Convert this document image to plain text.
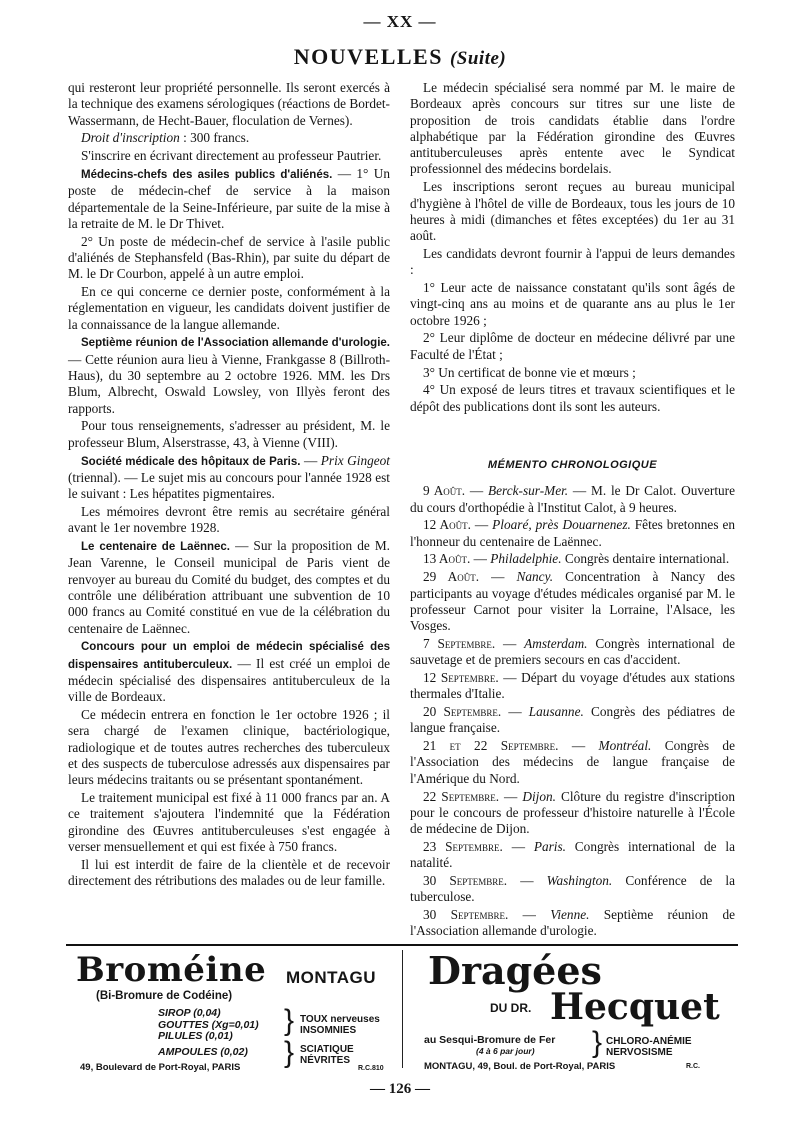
— XX —
NOUVELLES (Suite)

qui resteront leur propriété personnelle. Ils seront exercés à la technique des examens sérologiques (réactions de Bordet-Wassermann, de Hecht-Bauer, floculation de Vernes).

Droit d'inscription : 300 francs.

S'inscrire en écrivant directement au professeur Pautrier.

Médecins-chefs des asiles publics d'aliénés. — 1° Un poste de médecin-chef de service à la maison départementale de la Seine-Inférieure, par suite de la mise à la retraite de M. le Dr Thivet.

2° Un poste de médecin-chef de service à l'asile public d'aliénés de Stephansfeld (Bas-Rhin), par suite du départ de M. le Dr Courbon, appelé à un autre emploi.

En ce qui concerne ce dernier poste, conformément à la réglementation en vigueur, les candidats doivent justifier de la connaissance de la langue allemande.

Septième réunion de l'Association allemande d'urologie. — Cette réunion aura lieu à Vienne, Frankgasse 8 (Billroth-Haus), du 30 septembre au 2 octobre 1926. MM. les Drs Blum, Albrecht, Oswald Lowsley, von Illyès feront des rapports.

Pour tous renseignements, s'adresser au président, M. le professeur Blum, Alserstrasse, 43, à Vienne (VIII).

Société médicale des hôpitaux de Paris. — Prix Gingeot (triennal). — Le sujet mis au concours pour l'année 1928 est le suivant : Les hépatites pigmentaires.

Les mémoires devront être remis au secrétaire général avant le 1er novembre 1928.

Le centenaire de Laënnec. — Sur la proposition de M. Jean Varenne, le Conseil municipal de Paris vient de renvoyer au bureau du Comité du budget, des comptes et du contrôle une délibération attribuant une subvention de 10 000 francs au Comité constitué en vue de la célébration du centenaire de Laënnec.

Concours pour un emploi de médecin spécialisé des dispensaires antituberculeux. — Il est créé un emploi de médecin spécialisé des dispensaires antituberculeux de la ville de Bordeaux.

Ce médecin entrera en fonction le 1er octobre 1926 ; il sera chargé de l'examen clinique, bactériologique, radiologique et de toutes autres recherches des tuberculeux et des suspects de tuberculose adressés aux dispensaires par leurs médecins traitants ou se présentant spontanément.

Le traitement municipal est fixé à 11 000 francs par an. A ce traitement s'ajoutera l'indemnité que la Fédération girondine des Œuvres antituberculeuses s'est engagée à verser mensuellement et qui est fixée à 750 francs.

Il lui est interdit de faire de la clientèle et de recevoir directement des rétributions des malades ou de leur famille.

Le médecin spécialisé sera nommé par M. le maire de Bordeaux après concours sur titres sur une liste de proposition de trois candidats établie dans l'ordre alphabétique par la Fédération girondine des Œuvres antituberculeuses après entente avec le Syndicat professionnel des médecins bordelais.

Les inscriptions seront reçues au bureau municipal d'hygiène à l'hôtel de ville de Bordeaux, tous les jours de 10 heures à midi (dimanches et fêtes exceptées) du 1er au 31 août.

Les candidats devront fournir à l'appui de leurs demandes :

1° Leur acte de naissance constatant qu'ils sont âgés de vingt-cinq ans au moins et de quarante ans au plus le 1er octobre 1926 ;

2° Leur diplôme de docteur en médecine délivré par une Faculté de l'État ;

3° Un certificat de bonne vie et mœurs ;

4° Un exposé de leurs titres et travaux scientifiques et le dépôt des publications dont ils sont les auteurs.

MÉMENTO CHRONOLOGIQUE

9 Août. — Berck-sur-Mer. — M. le Dr Calot. Ouverture du cours d'orthopédie à l'Institut Calot, à 9 heures.

12 Août. — Ploaré, près Douarnenez. Fêtes bretonnes en l'honneur du centenaire de Laënnec.

13 Août. — Philadelphie. Congrès dentaire international.

29 Août. — Nancy. Concentration à Nancy des participants au voyage d'études médicales organisé par M. le professeur Carnot pour visiter la Lorraine, l'Alsace, les Vosges.

7 Septembre. — Amsterdam. Congrès international de sauvetage et de premiers secours en cas d'accident.

12 Septembre. — Départ du voyage d'études aux stations thermales d'Italie.

20 Septembre. — Lausanne. Congrès des pédiatres de langue française.

21 et 22 Septembre. — Montréal. Congrès de l'Association des médecins de langue française de l'Amérique du Nord.

22 Septembre. — Dijon. Clôture du registre d'inscription pour le concours de professeur d'histoire naturelle à l'École de médecine de Dijon.

23 Septembre. — Paris. Congrès international de la natalité.

30 Septembre. — Washington. Conférence de la tuberculose.

30 Septembre. — Vienne. Septième réunion de l'Association allemande d'urologie.

Broméine MONTAGU
(Bi-Bromure de Codéine)
SIROP (0,04)
GOUTTES (Xg=0,01)
PILULES (0,01)	} TOUX nerveuses
INSOMNIES
AMPOULES (0,02) } SCIATIQUE
NÉVRITES
49, Boulevard de Port-Royal, PARIS	R.C.810
Dragées
DU DR. Hecquet
au Sesqui-Bromure de Fer
(4 à 6 par jour) } CHLORO-ANÉMIE
NERVOSISME
MONTAGU, 49, Boul. de Port-Royal, PARIS	R.C.
— 126 —
